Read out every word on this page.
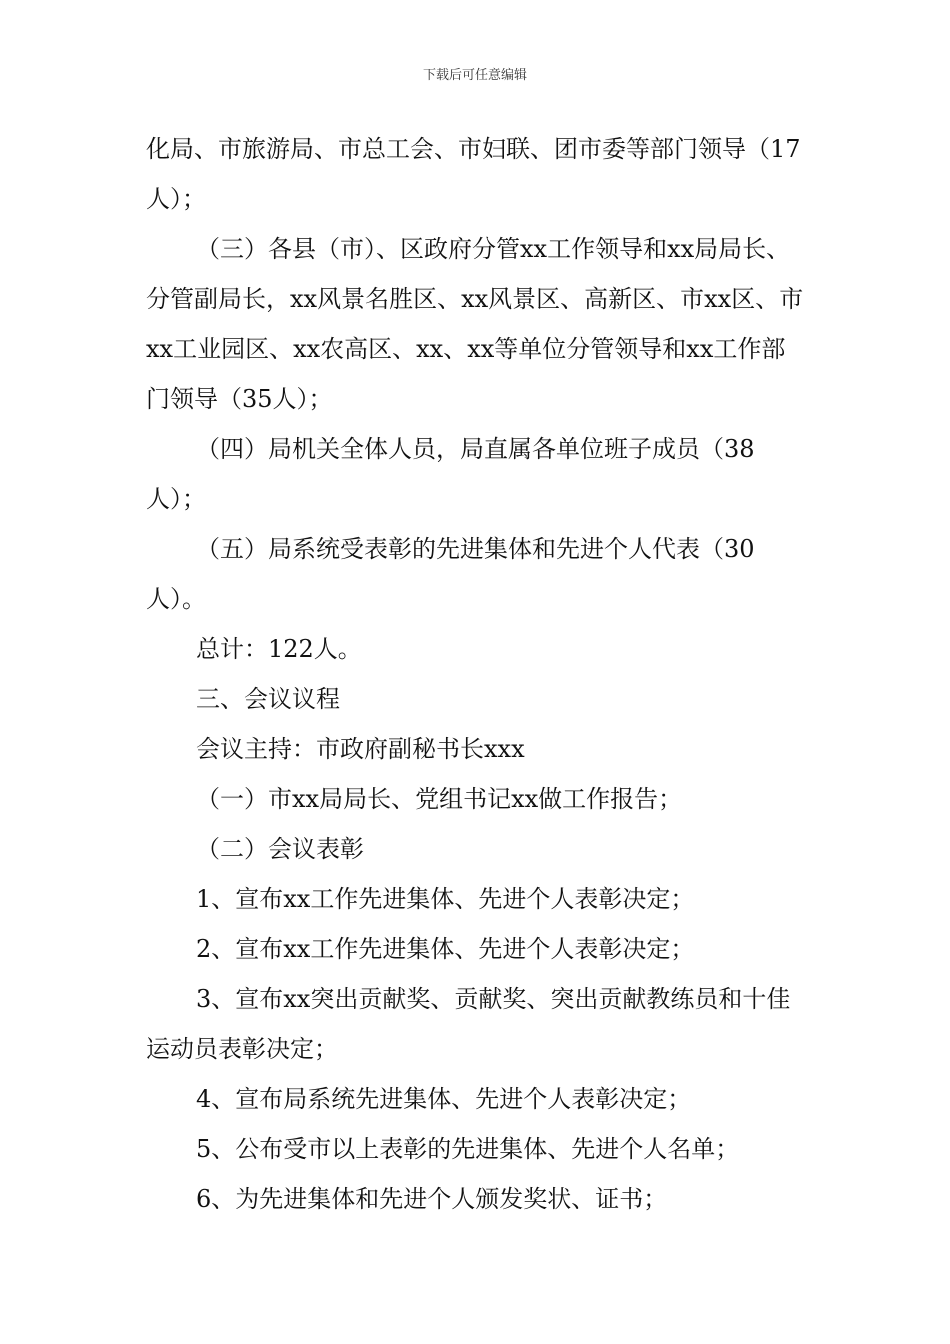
下载后可任意编辑

化局、市旅游局、市总工会、市妇联、团市委等部门领导（17人）；

（三）各县（市）、区政府分管xx工作领导和xx局局长、分管副局长，xx风景名胜区、xx风景区、高新区、市xx区、市xx工业园区、xx农高区、xx、xx等单位分管领导和xx工作部门领导（35人）；

（四）局机关全体人员，局直属各单位班子成员（38人）；

（五）局系统受表彰的先进集体和先进个人代表（30人）。

总计：122人。

三、会议议程

会议主持：市政府副秘书长xxx

（一）市xx局局长、党组书记xx做工作报告；

（二）会议表彰

1、宣布xx工作先进集体、先进个人表彰决定；

2、宣布xx工作先进集体、先进个人表彰决定；

3、宣布xx突出贡献奖、贡献奖、突出贡献教练员和十佳运动员表彰决定；

4、宣布局系统先进集体、先进个人表彰决定；

5、公布受市以上表彰的先进集体、先进个人名单；

6、为先进集体和先进个人颁发奖状、证书；
